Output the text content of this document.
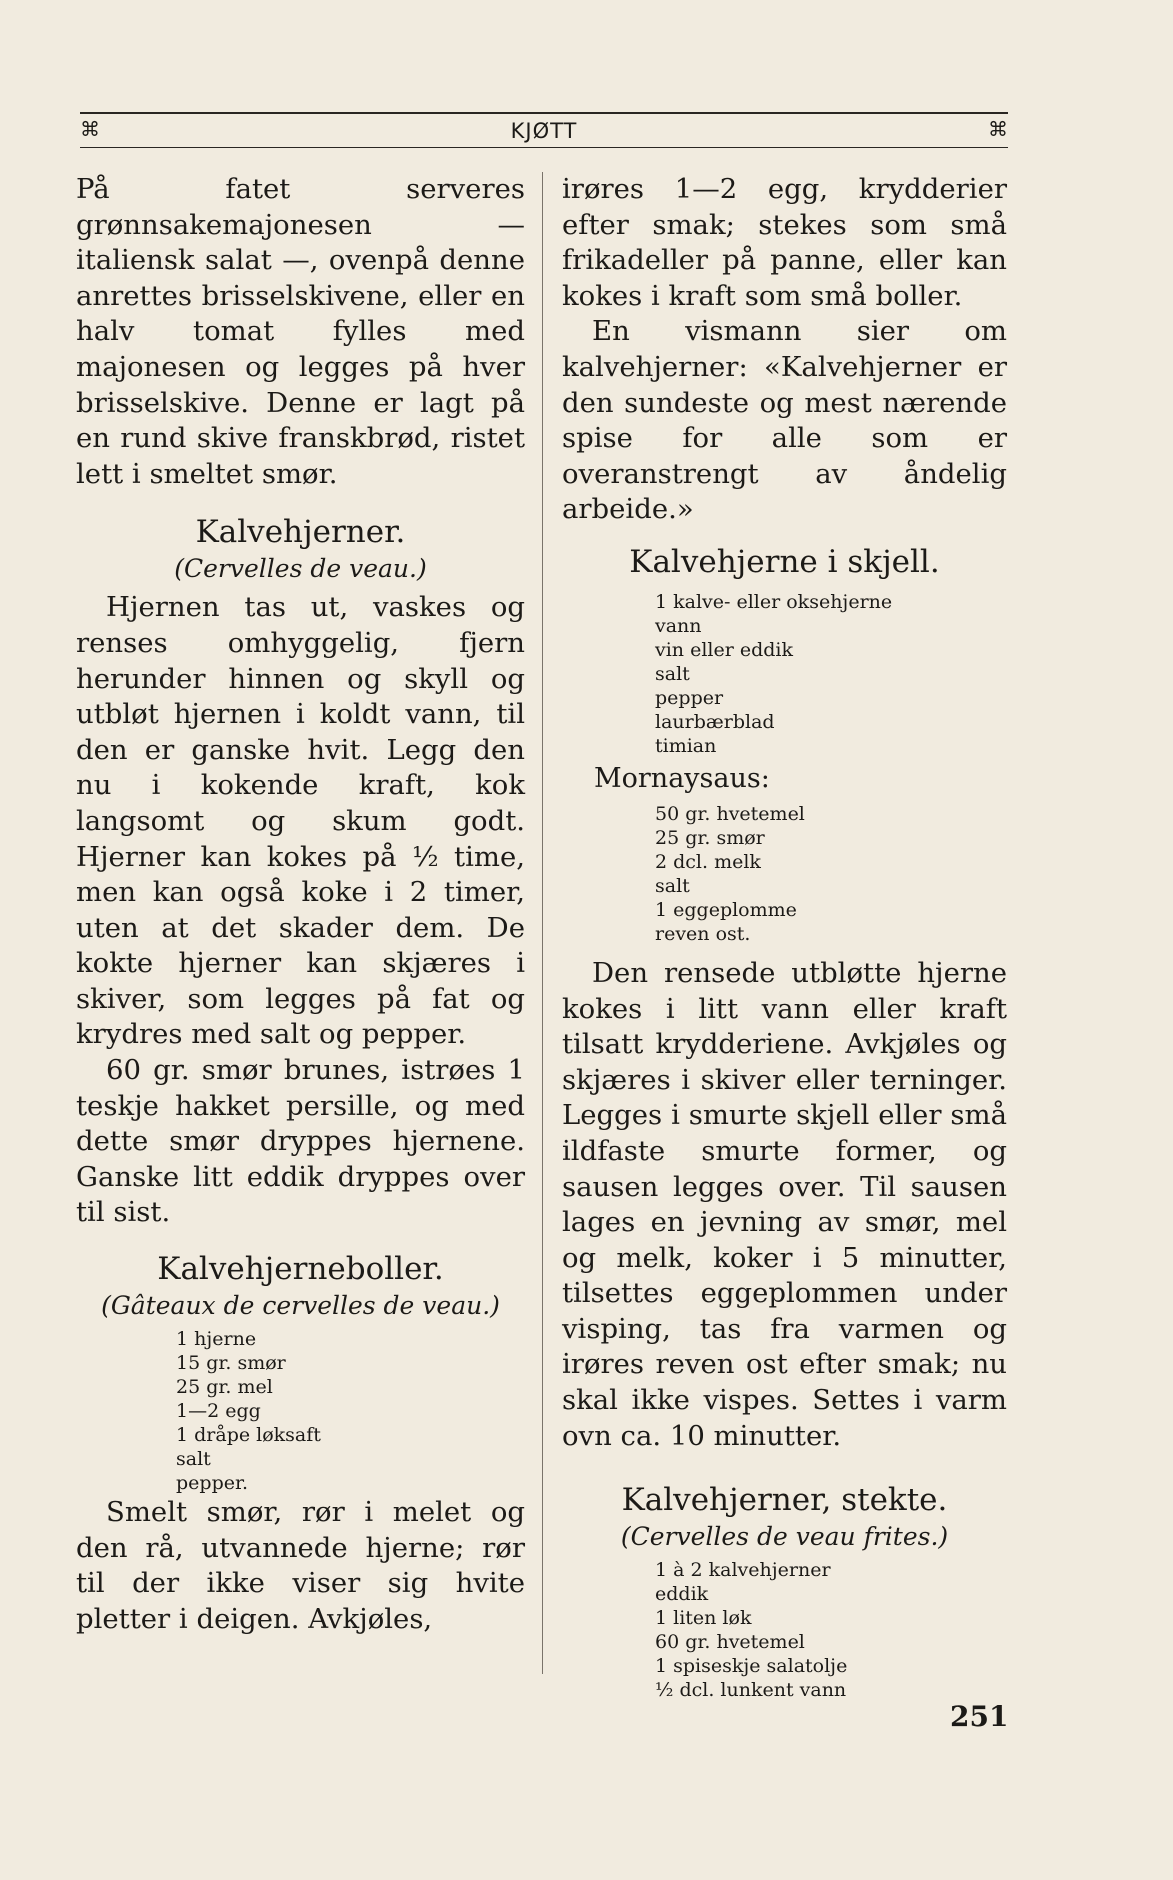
⌘	KJØTT	⌘

På fatet serveres grønnsakemajonesen — italiensk salat —, ovenpå denne anrettes brisselskivene, eller en halv tomat fylles med majonesen og legges på hver brisselskive. Denne er lagt på en rund skive franskbrød, ristet lett i smeltet smør.

Kalvehjerner.

(Cervelles de veau.)

Hjernen tas ut, vaskes og renses omhyggelig, fjern herunder hinnen og skyll og utbløt hjernen i koldt vann, til den er ganske hvit. Legg den nu i kokende kraft, kok langsomt og skum godt. Hjerner kan kokes på ½ time, men kan også koke i 2 timer, uten at det skader dem. De kokte hjerner kan skjæres i skiver, som legges på fat og krydres med salt og pepper.

60 gr. smør brunes, istrøes 1 teskje hakket persille, og med dette smør dryppes hjernene. Ganske litt eddik dryppes over til sist.

Kalvehjerneboller.

(Gâteaux de cervelles de veau.)

1 hjerne
15 gr. smør
25 gr. mel
1—2 egg
1 dråpe løksaft
salt
pepper.

Smelt smør, rør i melet og den rå, utvannede hjerne; rør til der ikke viser sig hvite pletter i deigen. Avkjøles,

irøres 1—2 egg, krydderier efter smak; stekes som små frikadeller på panne, eller kan kokes i kraft som små boller.

En vismann sier om kalvehjerner: «Kalvehjerner er den sundeste og mest nærende spise for alle som er overanstrengt av åndelig arbeide.»

Kalvehjerne i skjell.
1 kalve- eller oksehjerne
vann
vin eller eddik
salt
pepper
laurbærblad
timian

Mornaysaus:

50 gr. hvetemel
25 gr. smør
2 dcl. melk
salt
1 eggeplomme
reven ost.

Den rensede utbløtte hjerne kokes i litt vann eller kraft tilsatt krydderiene. Avkjøles og skjæres i skiver eller terninger. Legges i smurte skjell eller små ildfaste smurte former, og sausen legges over. Til sausen lages en jevning av smør, mel og melk, koker i 5 minutter, tilsettes eggeplommen under visping, tas fra varmen og irøres reven ost efter smak; nu skal ikke vispes. Settes i varm ovn ca. 10 minutter.

Kalvehjerner, stekte.

(Cervelles de veau frites.)

1 à 2 kalvehjerner
eddik
1 liten løk
60 gr. hvetemel
1 spiseskje salatolje
½ dcl. lunkent vann
251
